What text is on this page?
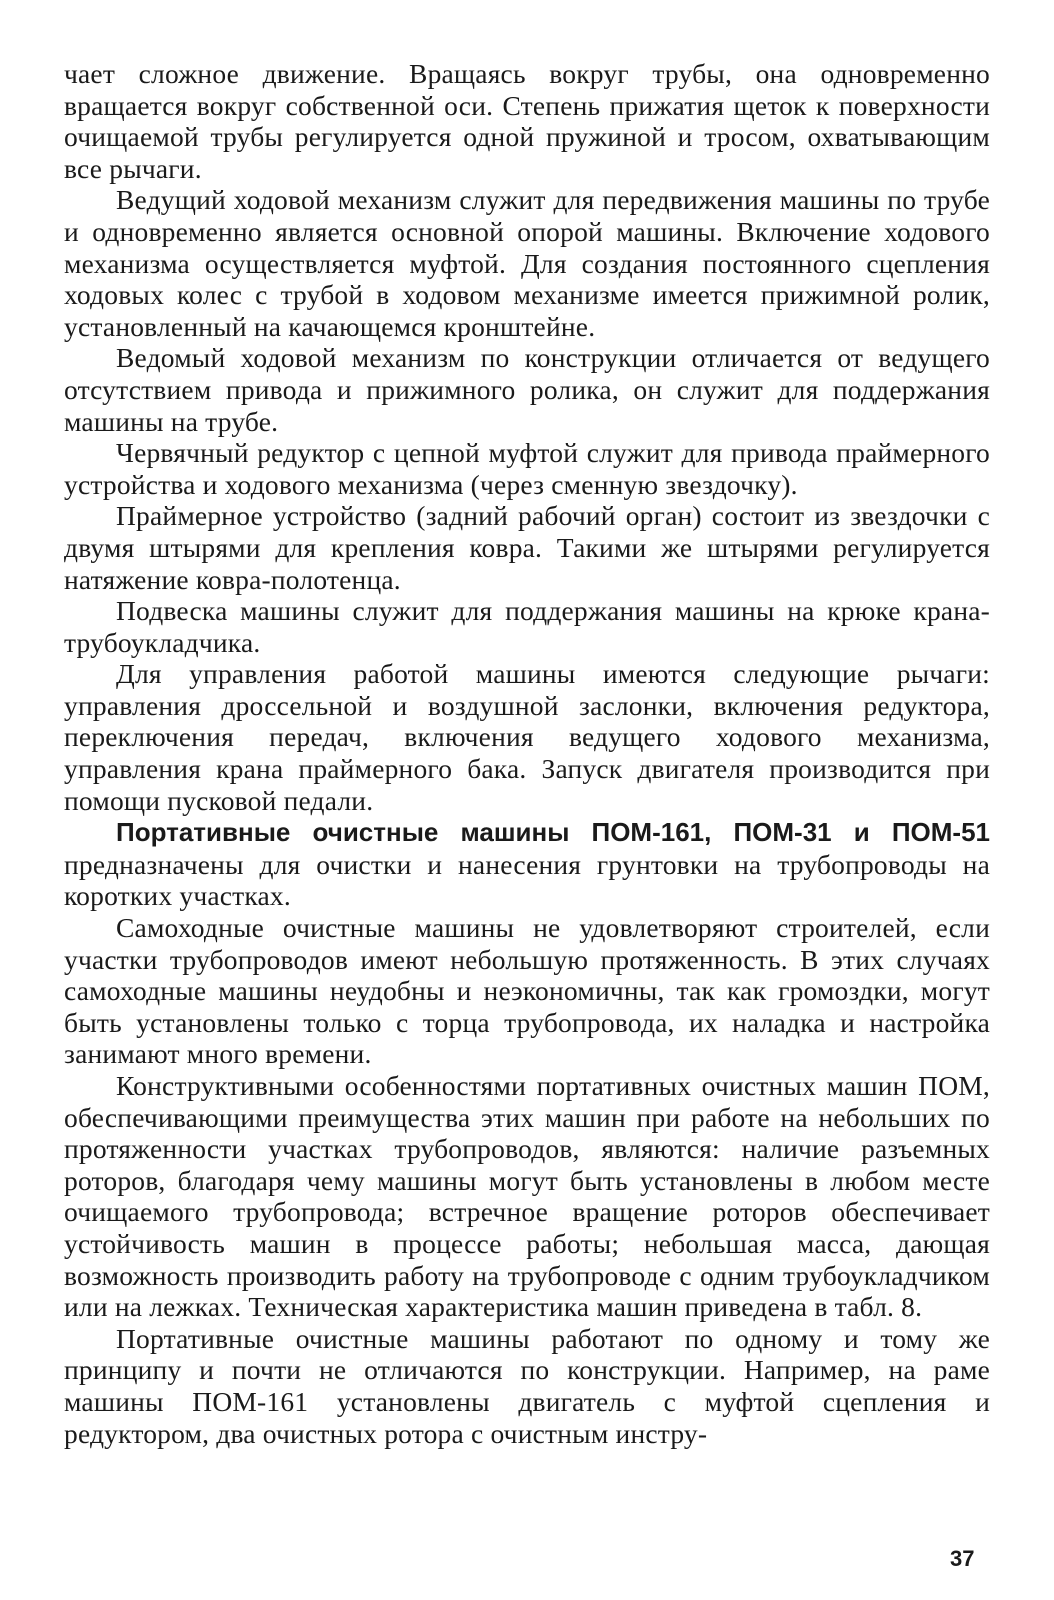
чает сложное движение. Вращаясь вокруг трубы, она одновременно вращается вокруг собственной оси. Степень прижатия щеток к поверхности очищаемой трубы регулируется одной пружиной и тросом, охватывающим все рычаги.

Ведущий ходовой механизм служит для передвижения машины по трубе и одновременно является основной опорой машины. Включение ходового механизма осуществляется муфтой. Для создания постоянного сцепления ходовых колес с трубой в ходовом механизме имеется прижимной ролик, установленный на качающемся кронштейне.

Ведомый ходовой механизм по конструкции отличается от ведущего отсутствием привода и прижимного ролика, он служит для поддержания машины на трубе.

Червячный редуктор с цепной муфтой служит для привода праймерного устройства и ходового механизма (через сменную звездочку).

Праймерное устройство (задний рабочий орган) состоит из звездочки с двумя штырями для крепления ковра. Такими же штырями регулируется натяжение ковра-полотенца.

Подвеска машины служит для поддержания машины на крюке крана-трубоукладчика.

Для управления работой машины имеются следующие рычаги: управления дроссельной и воздушной заслонки, включения редуктора, переключения передач, включения ведущего ходового механизма, управления крана праймерного бака. Запуск двигателя производится при помощи пусковой педали.

Портативные очистные машины ПОМ-161, ПОМ-31 и ПОМ-51 предназначены для очистки и нанесения грунтовки на трубопроводы на коротких участках.

Самоходные очистные машины не удовлетворяют строителей, если участки трубопроводов имеют небольшую протяженность. В этих случаях самоходные машины неудобны и неэкономичны, так как громоздки, могут быть установлены только с торца трубопровода, их наладка и настройка занимают много времени.

Конструктивными особенностями портативных очистных машин ПОМ, обеспечивающими преимущества этих машин при работе на небольших по протяженности участках трубопроводов, являются: наличие разъемных роторов, благодаря чему машины могут быть установлены в любом месте очищаемого трубопровода; встречное вращение роторов обеспечивает устойчивость машин в процессе работы; небольшая масса, дающая возможность производить работу на трубопроводе с одним трубоукладчиком или на лежках. Техническая характеристика машин приведена в табл. 8.

Портативные очистные машины работают по одному и тому же принципу и почти не отличаются по конструкции. Например, на раме машины ПОМ-161 установлены двигатель с муфтой сцепления и редуктором, два очистных ротора с очистным инстру-

37
